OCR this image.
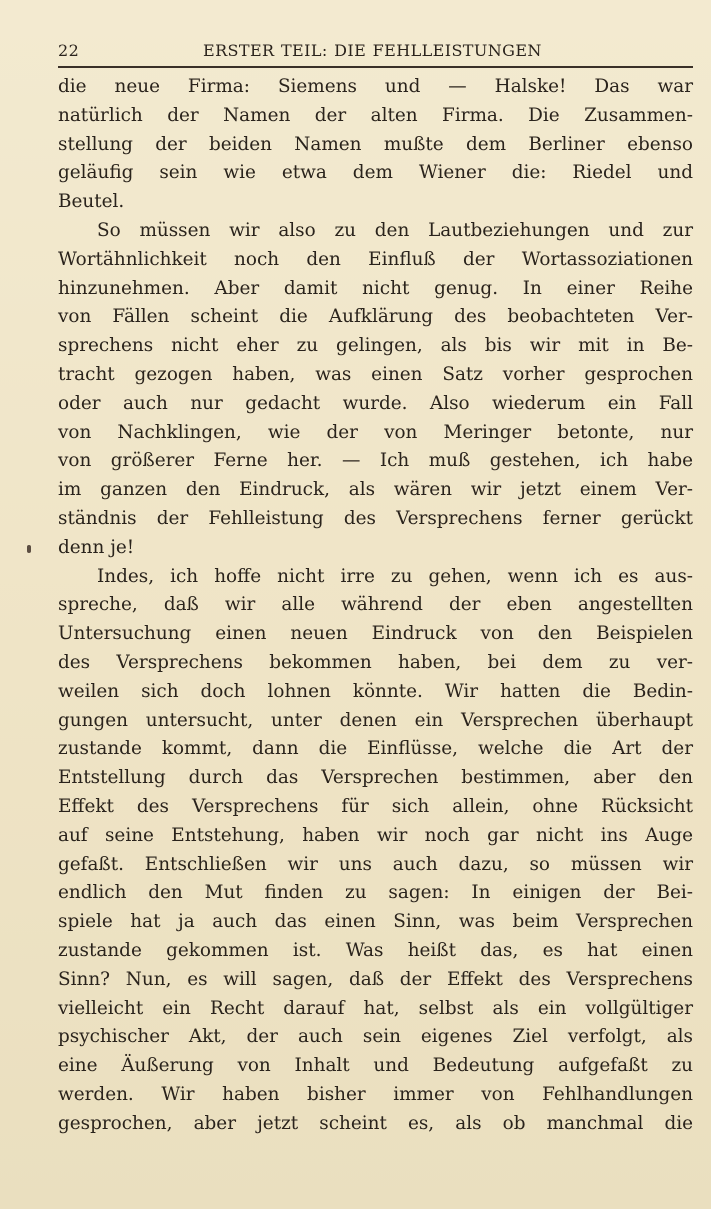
22	ERSTER TEIL: DIE FEHLLEISTUNGEN
die neue Firma: Siemens und — Halske! Das war
natürlich der Namen der alten Firma. Die Zusammen-
stellung der beiden Namen mußte dem Berliner ebenso
geläufig sein wie etwa dem Wiener die: Riedel und
Beutel.
So müssen wir also zu den Lautbeziehungen und zur
Wortähnlichkeit noch den Einfluß der Wortassoziationen
hinzunehmen. Aber damit nicht genug. In einer Reihe
von Fällen scheint die Aufklärung des beobachteten Ver-
sprechens nicht eher zu gelingen, als bis wir mit in Be-
tracht gezogen haben, was einen Satz vorher gesprochen
oder auch nur gedacht wurde. Also wiederum ein Fall
von Nachklingen, wie der von Meringer betonte, nur
von größerer Ferne her. — Ich muß gestehen, ich habe
im ganzen den Eindruck, als wären wir jetzt einem Ver-
ständnis der Fehlleistung des Versprechens ferner gerückt
denn je!
Indes, ich hoffe nicht irre zu gehen, wenn ich es aus-
spreche, daß wir alle während der eben angestellten
Untersuchung einen neuen Eindruck von den Beispielen
des Versprechens bekommen haben, bei dem zu ver-
weilen sich doch lohnen könnte. Wir hatten die Bedin-
gungen untersucht, unter denen ein Versprechen überhaupt
zustande kommt, dann die Einflüsse, welche die Art der
Entstellung durch das Versprechen bestimmen, aber den
Effekt des Versprechens für sich allein, ohne Rücksicht
auf seine Entstehung, haben wir noch gar nicht ins Auge
gefaßt. Entschließen wir uns auch dazu, so müssen wir
endlich den Mut finden zu sagen: In einigen der Bei-
spiele hat ja auch das einen Sinn, was beim Versprechen
zustande gekommen ist. Was heißt das, es hat einen
Sinn? Nun, es will sagen, daß der Effekt des Versprechens
vielleicht ein Recht darauf hat, selbst als ein vollgültiger
psychischer Akt, der auch sein eigenes Ziel verfolgt, als
eine Äußerung von Inhalt und Bedeutung aufgefaßt zu
werden. Wir haben bisher immer von Fehlhandlungen
gesprochen, aber jetzt scheint es, als ob manchmal die
